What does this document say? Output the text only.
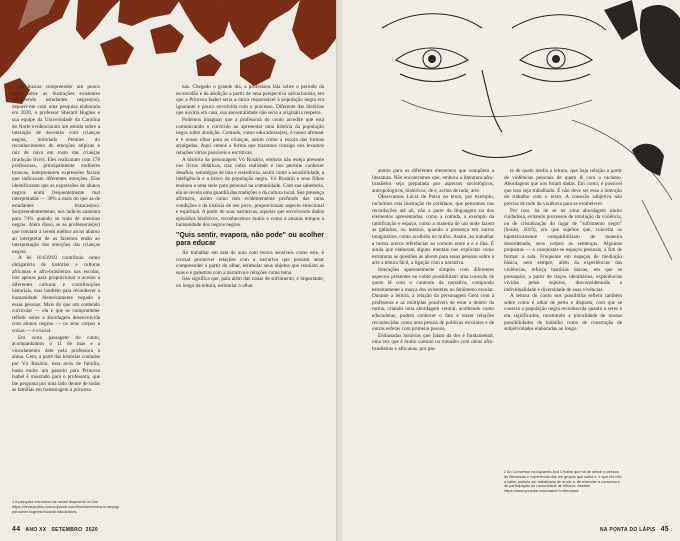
As buscas compreender um pouco mais sobre as ilustrações existentes envolvendo estudantes negras(os), deparei-me com uma pesquisa elaborada em 2020, o professor Sherard Hughes e sua equipe da Universidade da Carolina do Norte evidenciaram um estudo sobre a interação de docentes com crianças negras, intitulado Pennies do reconhecimento de emoções atípicas e raiz de raiva em rosto das crianças (tradução livre). Eles realizaram com 178 professoras, principalmente mulheres brancas, interpretarem expressões faciais que indicavam diferentes emoções. Elas identificaram que as expressões de alunos negros eram frequentemente mal interpretadas — 36% a mais do que as de estudantes brancas(os). Surpreendentemente, nos índices aumenta para 74% quando se trata de meninas negras. Além disso, se as professoras(es) que rotulam a terem melhor arcos abarno ao interpretar de os fazemos então ao interpretação das emoções das crianças negras.

A lei 10.639/03 contribuiu como obrigatório de histórias e culturas africanas e afro-brasileiras nas escolas, isto apenas para proporcionar o acesso a diferentes culturas e contribuições historiais, mas também para reconhecer a humanidade historicamente negada a essas pessoas. Mais do que um conteúdo curricular — ela é que se comprometer refletir sobre a abordagem desenvolvida com alunos negros — os seus corpos e coisas — é crucial.

Em certa passagem do conto, acompanhamos o 11 de mas e a vinculamento dele pela professora à aluna. Gem, a parte das histórias contadas por Vó Rosário, essa avós de família, hasta muito um passeio para Princesa Isabel é mostrado para o professora, que lhe pergunta por uma lado dentre de todas as famílias em homenagem à princesa.

1 A pesquisa encontrou-se nesse disponível no link https://devsuportes.com/a.ijssnet.com/fmedia/eventos.to-beyng/ pdf.sobre.hugnest.thosed/.edu/articles.

nas. Chegado o grande dia, a professora fala sobre o período da escravidão e da abolição a partir de uma perspectiva salvacionista, em que a Princesa Isabel seria a única responsável à população negra era ignorante e pouco envolvida com o processo. Diferente das histórias que ouviria em casa, sua ancestralidade não seria a originária respeito.

Podemos imaginar que a professora do conto acredite que está comunicando o currículo ao apresentar uma história da população negra sobre abolição. Contudo, como educadoras(es), é nosso afrontar e é nosso olhar para as crianças, assim como a escola das formas arraigadas. Aqui vemos a forma que trazemos consigo nos levamos relações várias possíveis e escritivas.

A história da personagem Vó Rosário, embora não esteja presente nos livros didáticos, traz outra realidade e nos permite conhecer desafios, estratégias de luta e resistência, assim como a sensibilidade, a inteligência e a bravo da população negra. Vó Rosário e seus filhos ensinou a uma serie para personal na comunidade. Com sua sabedoria, ela se revela uma guardiã das tradições e da cultura local. Sua presença afirmava, assim como tem evidentemente profundo das raras condições e da história de seu povo, proporcionam aspecto emocional e espiritual. A partir de suas narrativas, aquelas que envolvendo dados episódios históricos, reconhecemos muito o como a amaras tempos a humanidade dos negros negros.

"Quis sentir, evapora, não pode" ou acolher para educar

Ao trabalhar em sala de aula com textos sensíveis como este, é crucial promover relações com a narrativa que possam amar compreender a partir do olhar, estimular seus objetos que reuniam as suas e e palestras com a narrativa e relações como tema.

Isso significa que, para além das zonas de sofrimento, é importante, no longo da leitura, estimular o olhar.

44 ANO XX SETEMBRO 2020

atento para os diferentes elementos que compõem a literatura. Não encontramos que, embora a literatura afro-brasileira seja preparada por aspectos sociológicos, antropológicos, históricos, de é, acima de tudo, arte.

Observamos Lúcia de Paiva no texto, por exemplo, incluímos esta ilustração do cotidiano, que pensamos nas recordações até ali, não a parte da linguagem na dos elementos apresentados, como a comida, a exemplo da ramificação e espaço, como a maneira de um onde fazem as galinhas, ou mesmo, quando a presença em outros imaginários, como acolhido no milho. Assim, ao trabalhar a turma acerca referências ao comum entre a e a ilha. É ainda que elaboram alguns mentais nos explicitar como estruturas as questões as abrem para essas pessoas sobre a arte a leitura fácil, a ligação com a narrativa.

Interações aparentemente simples com diferentes aspectos presentes no conto possibilitam uma conexão de quem lê com o contexto da narrativa, compondo estreitamente a marca dos existentes no fenômeno escolar. Durante a leitura, a relação da personagem Gem com a professora e as múltiplas possíveis de estar a dentro da turma, criando uma abordagem central, acolhendo como educadoras, podem conhecer o fato e trazer relações reconhecidas como uma pessoa de políticas escolares e de outras esferas com primeira pessoa.

Embasadas histórias que falam da dor é fundamental, uma vez que é muito comum no trabalho com obras afro-brasileiras e africanas, por par-

te de quem media a leitura, que haja relação a partir de violências pessoais de quem lê com o racismo. Abordagens que nos foram dadas. Em conto, é possível que isso seja trabalhado. É não deve ser essa a intenção do trabalho com o texto. A conexão subjetiva não precisa de todo da violência para se estabelecer.

Por isso, há de se ter uma abordagem muito cuidadosa, evitando processos de rotulação da violência, ou de cristalização do lugar de "sofrimento negro" (hooks, 2019), em que sujeitos que, concerta os hipoteticamente compatibilizam de maneira desordenada, seus corpos as sentenças. Algumas propostas — a conquistar-se espaços pessoais, a fim de formar a sala. Frequente em espaços de mediação básica, nem sempre, além da experiências das violências, reforça histórias únicas, em que se pressupõe, a partir de traços identitários, experiências vividas pelos sujeitos, desconsiderando a individualidade e diversidade de suas vivências.

A leitura do conto nos possibilita refletir também sobre como é olhar de perto e disparar, com que se conecta a população negra reconhecida quanto a seres e em significados, mostrando a pluralidade de nossas possibilidades de trabalho como de construção de subjetividades elaboradas ao longo.

2 Ao Conversar na Aquarela Ana Cristina que há de deixar a pessoa de literaturas e experiência das em grupos que saiba e, e que ela não a saber poderia ser trabalhada de modo a, de entender a conversa e de participação da comunidade de leitores. Assista: https://www.youtube.com/watch?v=literatura.
NA PONTA DO LÁPIS 45
